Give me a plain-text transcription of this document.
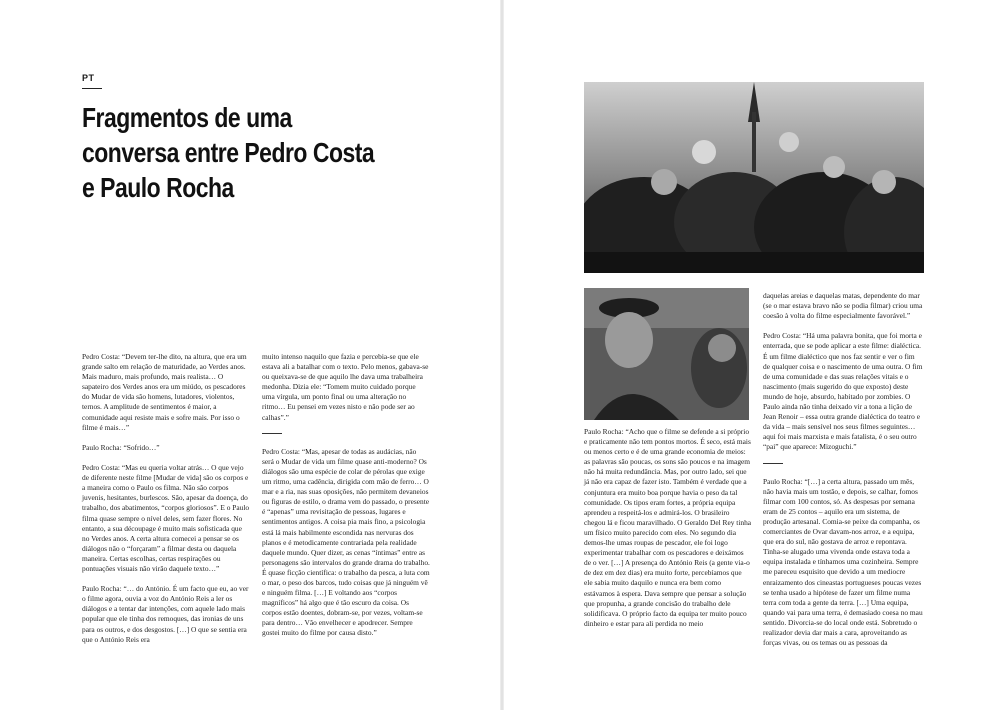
PT
Fragmentos de uma
conversa entre Pedro Costa
e Paulo Rocha

Pedro Costa: “Devem ter-lhe dito, na altura, que era um grande salto em relação de maturidade, ao Verdes anos. Mais maduro, mais profundo, mais realista… O sapateiro dos Verdes anos era um miúdo, os pescadores do Mudar de vida são homens, lutadores, violentos, ternos. A amplitude de sentimentos é maior, a comunidade aqui resiste mais e sofre mais. Por isso o filme é mais…”

Paulo Rocha: “Sofrido…”

Pedro Costa: “Mas eu queria voltar atrás… O que vejo de diferente neste filme [Mudar de vida] são os corpos e a maneira como o Paulo os filma. Não são corpos juvenis, hesitantes, burlescos. São, apesar da doença, do trabalho, dos abatimentos, “corpos gloriosos”. E o Paulo filma quase sempre o nível deles, sem fazer flores. No entanto, a sua découpage é muito mais sofisticada que no Verdes anos. A certa altura comecei a pensar se os diálogos não o “forçaram” a filmar desta ou daquela maneira. Certas escolhas, certas respirações ou pontuações visuais não virão daquele texto…”

Paulo Rocha: “… do António. É um facto que eu, ao ver o filme agora, ouvia a voz do António Reis a ler os diálogos e a tentar dar intenções, com aquele lado mais popular que ele tinha dos remoques, das ironias de uns para os outros, e dos desgostos. […] O que se sentia era que o António Reis era

muito intenso naquilo que fazia e percebia-se que ele estava ali a batalhar com o texto. Pelo menos, gabava-se ou queixava-se de que aquilo lhe dava uma trabalheira medonha. Dizia ele: “Tomem muito cuidado porque uma vírgula, um ponto final ou uma alteração no ritmo… Eu pensei em vezes nisto e não pode ser ao calhas”.”

Pedro Costa: “Mas, apesar de todas as audácias, não será o Mudar de vida um filme quase anti-moderno? Os diálogos são uma espécie de colar de pérolas que exige um ritmo, uma cadência, dirigida com mão de ferro… O mar e a ria, nas suas oposições, não permitem devaneios ou figuras de estilo, o drama vem do passado, o presente é “apenas” uma revisitação de pessoas, lugares e sentimentos antigos. A coisa pia mais fino, a psicologia está lá mais habilmente escondida nas nervuras dos planos e é metodicamente contrariada pela realidade daquele mundo. Quer dizer, as cenas “íntimas” entre as personagens são intervalos do grande drama do trabalho. É quase ficção científica: o trabalho da pesca, a luta com o mar, o peso dos barcos, tudo coisas que já ninguém vê e ninguém filma. […] E voltando aos “corpos magníficos” há algo que é tão escuro da coisa. Os corpos estão doentes, dobram-se, por vezes, voltam-se para dentro… Vão envelhecer e apodrecer. Sempre gostei muito do filme por causa disto.”

Paulo Rocha: “Acho que o filme se defende a si próprio e praticamente não tem pontos mortos. É seco, está mais ou menos certo e é de uma grande economia de meios: as palavras são poucas, os sons são poucos e na imagem não há muita redundância. Mas, por outro lado, sei que já não era capaz de fazer isto. Também é verdade que a conjuntura era muito boa porque havia o peso da tal comunidade. Os tipos eram fortes, a própria equipa aprendeu a respeitá-los e admirá-los. O brasileiro chegou lá e ficou maravilhado. O Geraldo Del Rey tinha um físico muito parecido com eles. No segundo dia demos-lhe umas roupas de pescador, ele foi logo experimentar trabalhar com os pescadores e deixámos de o ver. […] A presença do António Reis (a gente via-o de dez em dez dias) era muito forte, percebíamos que ele sabia muito daquilo e nunca era bem como estávamos à espera. Dava sempre que pensar a solução que propunha, a grande concisão do trabalho dele solidificava. O próprio facto da equipa ter muito pouco dinheiro e estar para ali perdida no meio

daquelas areias e daquelas matas, dependente do mar (se o mar estava bravo não se podia filmar) criou uma coesão à volta do filme especialmente favorável.”

Pedro Costa: “Há uma palavra bonita, que foi morta e enterrada, que se pode aplicar a este filme: dialéctica. É um filme dialéctico que nos faz sentir e ver o fim de qualquer coisa e o nascimento de uma outra. O fim de uma comunidade e das suas relações vitais e o nascimento (mais sugerido do que exposto) deste mundo de hoje, absurdo, habitado por zombies. O Paulo ainda não tinha deixado vir a tona a lição de Jean Renoir – essa outra grande dialéctica do teatro e da vida – mais sensível nos seus filmes seguintes… aqui foi mais marxista e mais fatalista, é o seu outro “pai” que aparece: Mizoguchi.”

Paulo Rocha: “[…] a certa altura, passado um mês, não havia mais um tostão, e depois, se calhar, fomos filmar com 100 contos, só. As despesas por semana eram de 25 contos – aquilo era um sistema, de produção artesanal. Comia-se peixe da companha, os comerciantes de Ovar davam-nos arroz, e a equipa, que era do sul, não gostava de arroz e repontava. Tinha-se alugado uma vivenda onde estava toda a equipa instalada e tínhamos uma cozinheira. Sempre me pareceu esquisito que devido a um mediocre enraizamento dos cineastas portugueses poucas vezes se tenha usado a hipótese de fazer um filme numa terra com toda a gente da terra. […] Uma equipa, quando vai para uma terra, é demasiado coesa no mau sentido. Divorcia-se do local onde está. Sobretudo o realizador devia dar mais a cara, aproveitando as forças vivas, ou os temas ou as pessoas da
